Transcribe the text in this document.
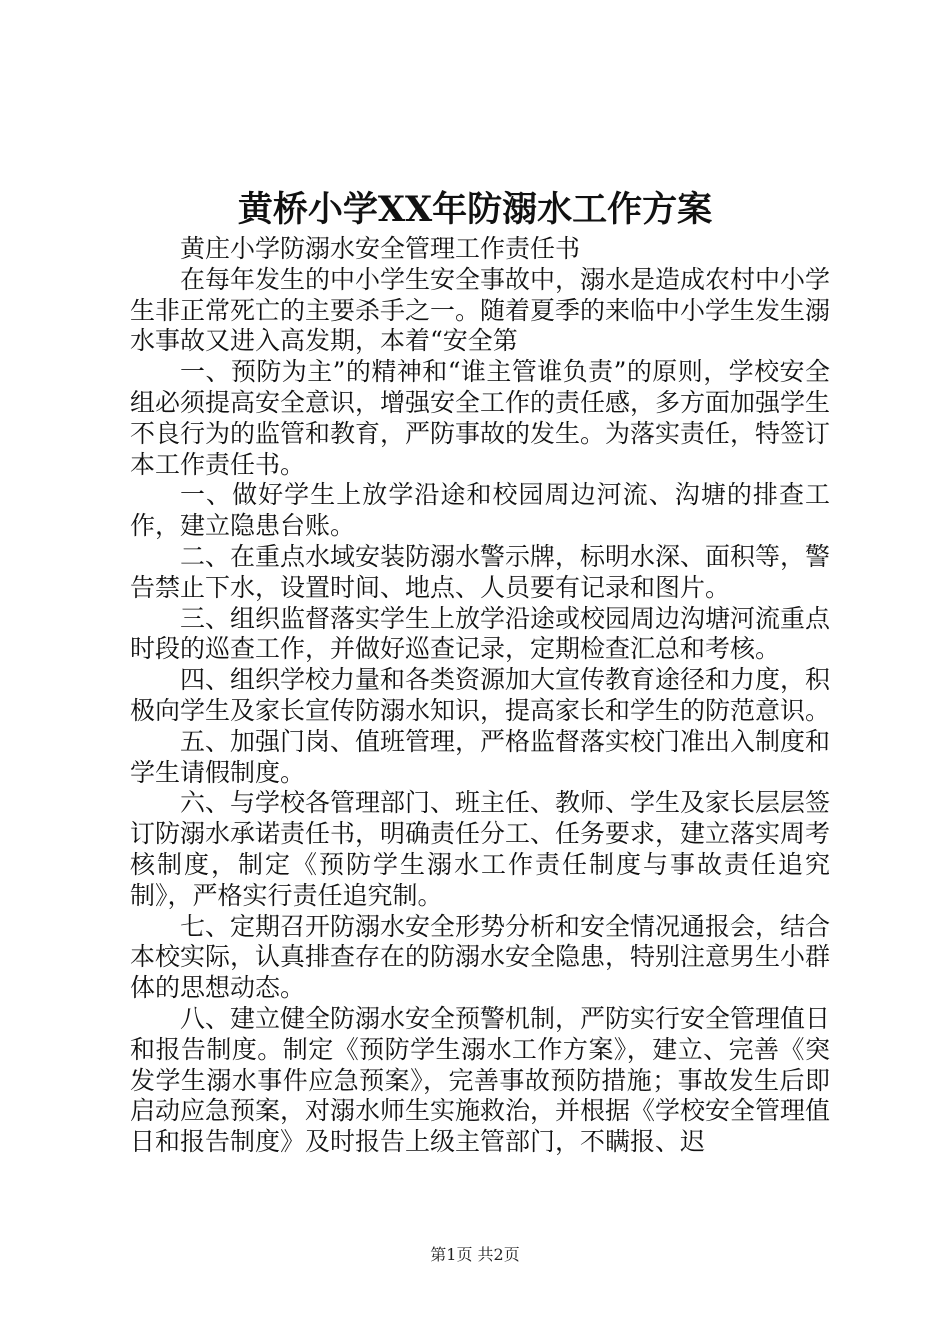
黄桥小学XX年防溺水工作方案

黄庄小学防溺水安全管理工作责任书

在每年发生的中小学生安全事故中，溺水是造成农村中小学生非正常死亡的主要杀手之一。随着夏季的来临中小学生发生溺水事故又进入高发期，本着“安全第

一、预防为主”的精神和“谁主管谁负责”的原则，学校安全组必须提高安全意识，增强安全工作的责任感，多方面加强学生不良行为的监管和教育，严防事故的发生。为落实责任，特签订本工作责任书。

一、做好学生上放学沿途和校园周边河流、沟塘的排查工作，建立隐患台账。

二、在重点水域安装防溺水警示牌，标明水深、面积等，警告禁止下水，设置时间、地点、人员要有记录和图片。

三、组织监督落实学生上放学沿途或校园周边沟塘河流重点时段的巡查工作，并做好巡查记录，定期检查汇总和考核。

四、组织学校力量和各类资源加大宣传教育途径和力度，积极向学生及家长宣传防溺水知识，提高家长和学生的防范意识。

五、加强门岗、值班管理，严格监督落实校门准出入制度和学生请假制度。

六、与学校各管理部门、班主任、教师、学生及家长层层签订防溺水承诺责任书，明确责任分工、任务要求，建立落实周考核制度，制定《预防学生溺水工作责任制度与事故责任追究制》，严格实行责任追究制。

七、定期召开防溺水安全形势分析和安全情况通报会，结合本校实际，认真排查存在的防溺水安全隐患，特别注意男生小群体的思想动态。

八、建立健全防溺水安全预警机制，严防实行安全管理值日和报告制度。制定《预防学生溺水工作方案》，建立、完善《突发学生溺水事件应急预案》，完善事故预防措施；事故发生后即启动应急预案，对溺水师生实施救治，并根据《学校安全管理值日和报告制度》及时报告上级主管部门，不瞒报、迟

第1页 共2页
